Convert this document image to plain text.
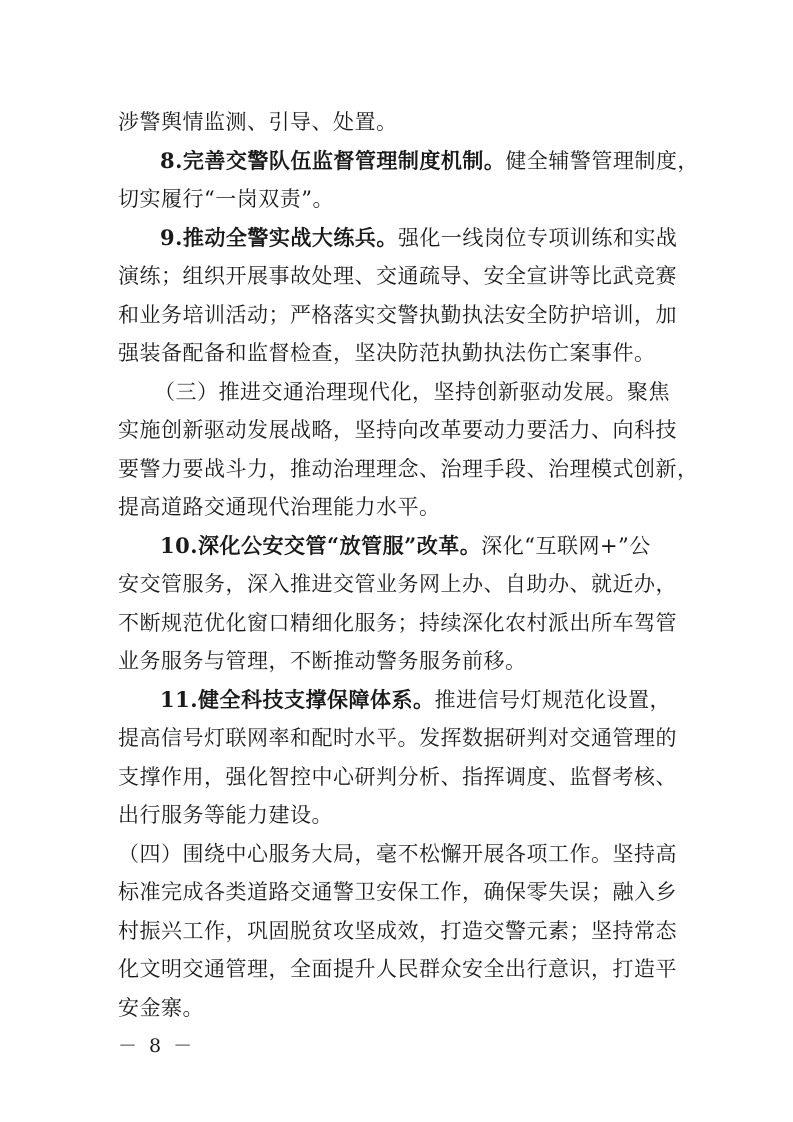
涉警舆情监测、引导、处置。
8.完善交警队伍监督管理制度机制。健全辅警管理制度，
切实履行“一岗双责”。
9.推动全警实战大练兵。强化一线岗位专项训练和实战
演练；组织开展事故处理、交通疏导、安全宣讲等比武竞赛
和业务培训活动；严格落实交警执勤执法安全防护培训，加
强装备配备和监督检查，坚决防范执勤执法伤亡案事件。
（三）推进交通治理现代化，坚持创新驱动发展。聚焦
实施创新驱动发展战略，坚持向改革要动力要活力、向科技
要警力要战斗力，推动治理理念、治理手段、治理模式创新，
提高道路交通现代治理能力水平。
10.深化公安交管“放管服”改革。深化“互联网+”公
安交管服务，深入推进交管业务网上办、自助办、就近办，
不断规范优化窗口精细化服务；持续深化农村派出所车驾管
业务服务与管理，不断推动警务服务前移。
11.健全科技支撑保障体系。推进信号灯规范化设置，
提高信号灯联网率和配时水平。发挥数据研判对交通管理的
支撑作用，强化智控中心研判分析、指挥调度、监督考核、
出行服务等能力建设。
（四）围绕中心服务大局，毫不松懈开展各项工作。坚持高
标准完成各类道路交通警卫安保工作，确保零失误；融入乡
村振兴工作，巩固脱贫攻坚成效，打造交警元素；坚持常态
化文明交通管理，全面提升人民群众安全出行意识，打造平
安金寨。
－ 8 －
